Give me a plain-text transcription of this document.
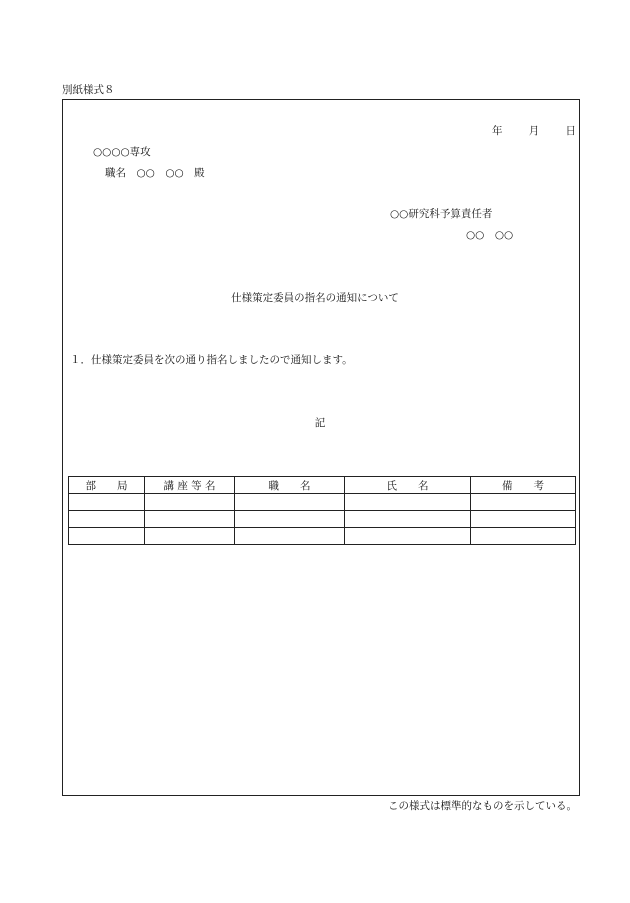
別紙様式８
年	月	日
○○○○専攻
職名　○○　○○　殿
○○研究科予算責任者
○○　○○
仕様策定委員の指名の通知について
１．仕様策定委員を次の通り指名しましたので通知します。
記
部　　局	講 座 等 名	職　　名	氏　　名	備　　考

この様式は標準的なものを示している。
